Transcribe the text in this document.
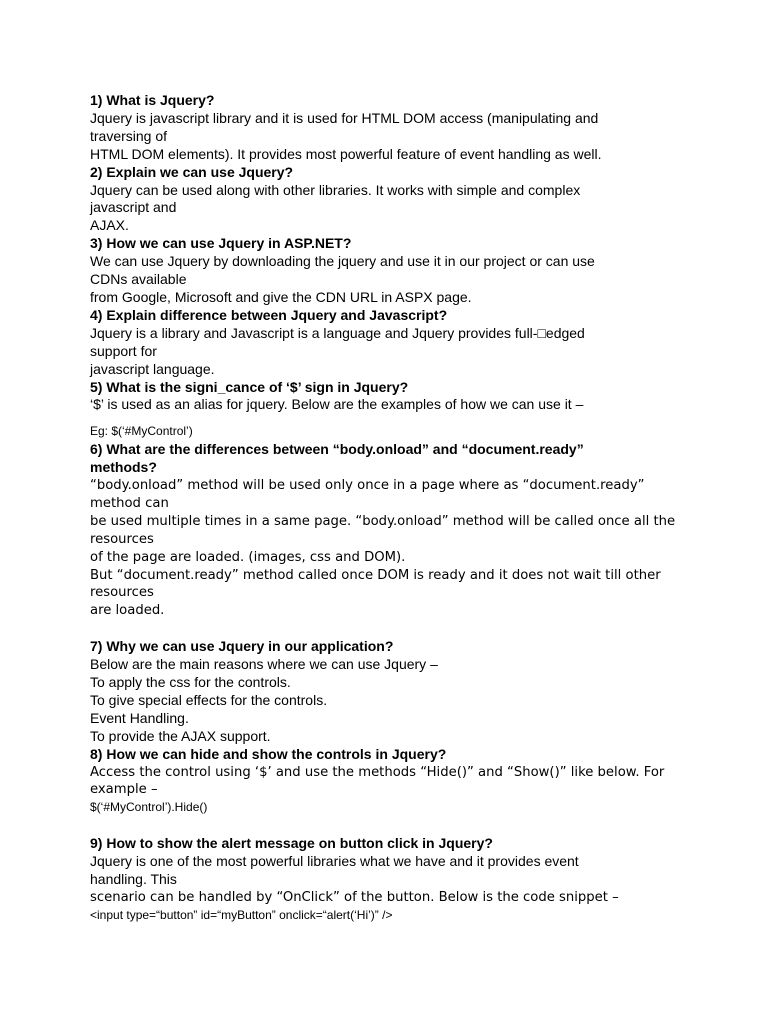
1) What is Jquery?
Jquery is javascript library and it is used for HTML DOM access (manipulating and
traversing of
HTML DOM elements). It provides most powerful feature of event handling as well.
2) Explain we can use Jquery?
Jquery can be used along with other libraries. It works with simple and complex
javascript and
AJAX.
3) How we can use Jquery in ASP.NET?
We can use Jquery by downloading the jquery and use it in our project or can use
CDNs available
from Google, Microsoft and give the CDN URL in ASPX page.
4) Explain difference between Jquery and Javascript?
Jquery is a library and Javascript is a language and Jquery provides full-□edged
support for
javascript language.
5) What is the signi_cance of ‘$’ sign in Jquery?
‘$’ is used as an alias for jquery. Below are the examples of how we can use it –
Eg: $(‘#MyControl’)
6) What are the differences between “body.onload” and “document.ready”
methods?
“body.onload” method will be used only once in a page where as “document.ready”
method can
be used multiple times in a same page. “body.onload” method will be called once all the
resources
of the page are loaded. (images, css and DOM).
But “document.ready” method called once DOM is ready and it does not wait till other
resources
are loaded.
7) Why we can use Jquery in our application?
Below are the main reasons where we can use Jquery –
To apply the css for the controls.
To give special effects for the controls.
Event Handling.
To provide the AJAX support.
8) How we can hide and show the controls in Jquery?
Access the control using ‘$’ and use the methods “Hide()” and “Show()” like below. For
example –
$(‘#MyControl’).Hide()
9) How to show the alert message on button click in Jquery?
Jquery is one of the most powerful libraries what we have and it provides event
handling. This
scenario can be handled by “OnClick” of the button. Below is the code snippet –
<input type=“button” id=“myButton” onclick=“alert(‘Hi’)” />
